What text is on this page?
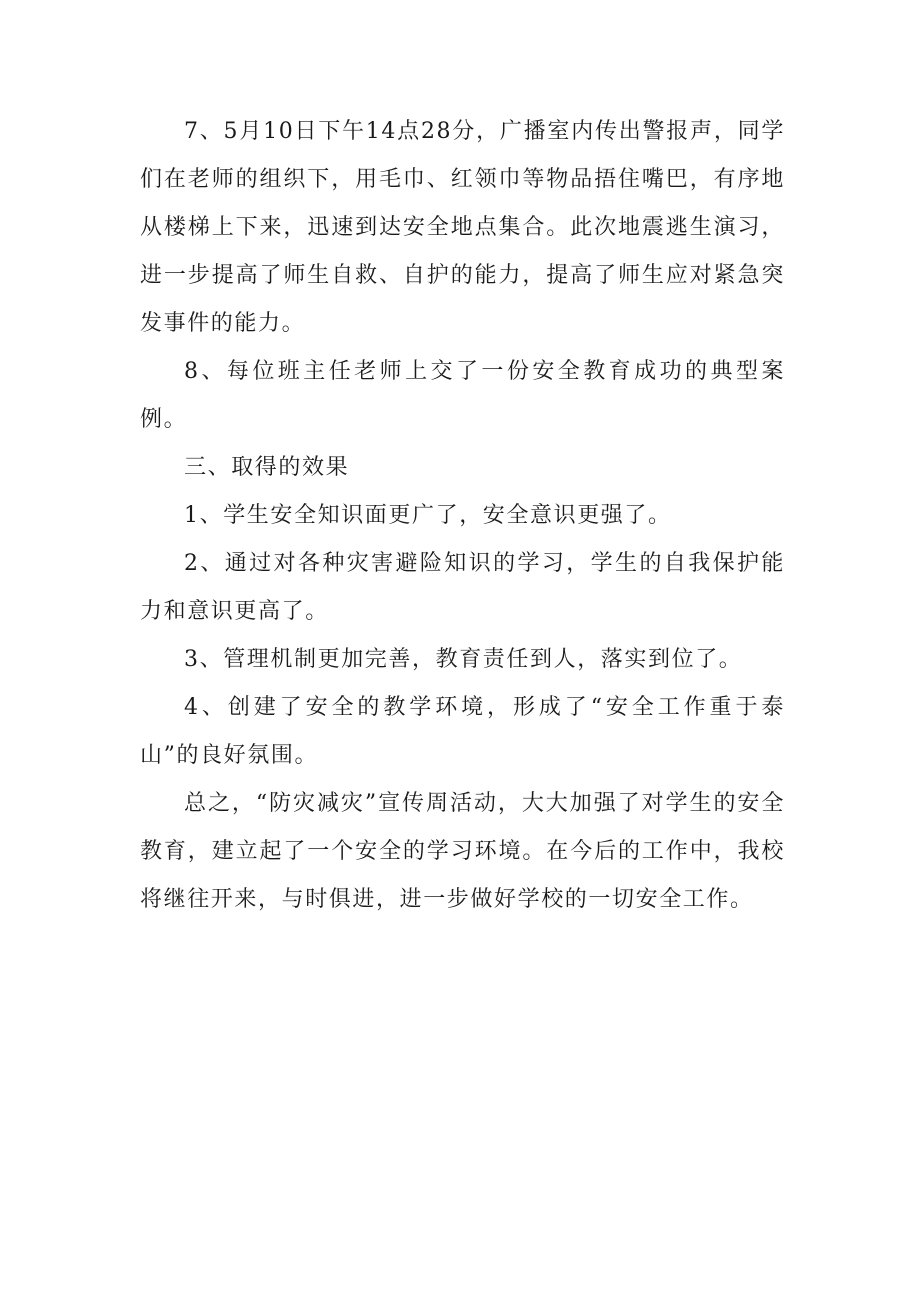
7、5月10日下午14点28分，广播室内传出警报声，同学们在老师的组织下，用毛巾、红领巾等物品捂住嘴巴，有序地从楼梯上下来，迅速到达安全地点集合。此次地震逃生演习，进一步提高了师生自救、自护的能力，提高了师生应对紧急突发事件的能力。

8、每位班主任老师上交了一份安全教育成功的典型案例。

三、取得的效果

1、学生安全知识面更广了，安全意识更强了。

2、通过对各种灾害避险知识的学习，学生的自我保护能力和意识更高了。

3、管理机制更加完善，教育责任到人，落实到位了。

4、创建了安全的教学环境，形成了“安全工作重于泰山”的良好氛围。

总之，“防灾减灾”宣传周活动，大大加强了对学生的安全教育，建立起了一个安全的学习环境。在今后的工作中，我校将继往开来，与时俱进，进一步做好学校的一切安全工作。
